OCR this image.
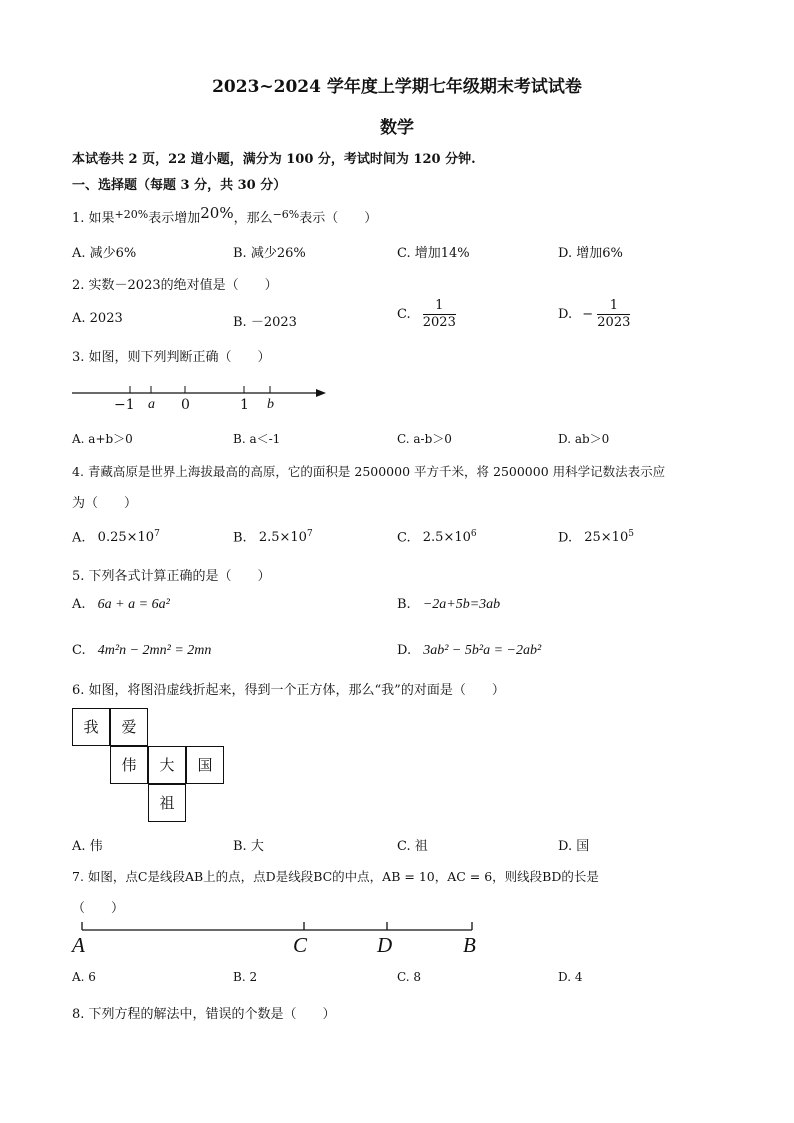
2023~2024 学年度上学期七年级期末考试试卷
数学
本试卷共 2 页，22 道小题，满分为 100 分，考试时间为 120 分钟.
一、选择题（每题 3 分，共 30 分）
1. 如果$^{+20\%}$表示增加20%，那么$^{-6\%}$表示（　　）
A. 减少6%	B. 减少26%	C. 增加14%	D. 增加6%
2. 实数－2023的绝对值是（　　）
A. 2023	B. －2023
C. $\frac{1}{2023}$	D. − $\frac{1}{2023}$
3. 如图，则下列判断正确（　　）
−1 a 0	1 b
A. a+b＞0	B. a＜-1	C. a-b＞0	D. ab＞0
4. 青藏高原是世界上海拔最高的高原，它的面积是 2500000 平方千米，将 2500000 用科学记数法表示应
为（　　）
A. $0.25\times 10^7$	B. $2.5\times 10^7$	C. $2.5\times 10^6$	D. $25\times 10^5$
5. 下列各式计算正确的是（　　）
A. 6a + a = 6a²	B. −2a+5b=3ab
C. 4m²n − 2mn² = 2mn	D. 3ab² − 5b²a = −2ab²
6. 如图，将图沿虚线折起来，得到一个正方体，那么“我”的对面是（　　）
我	爱
伟	大	国
祖
A. 伟	B. 大	C. 祖	D. 国
7. 如图，点C是线段AB上的点，点D是线段BC的中点，AB = 10，AC = 6，则线段BD的长是
（　　）
A	C	D	B
A. 6	B. 2	C. 8	D. 4
8. 下列方程的解法中，错误的个数是（　　）
